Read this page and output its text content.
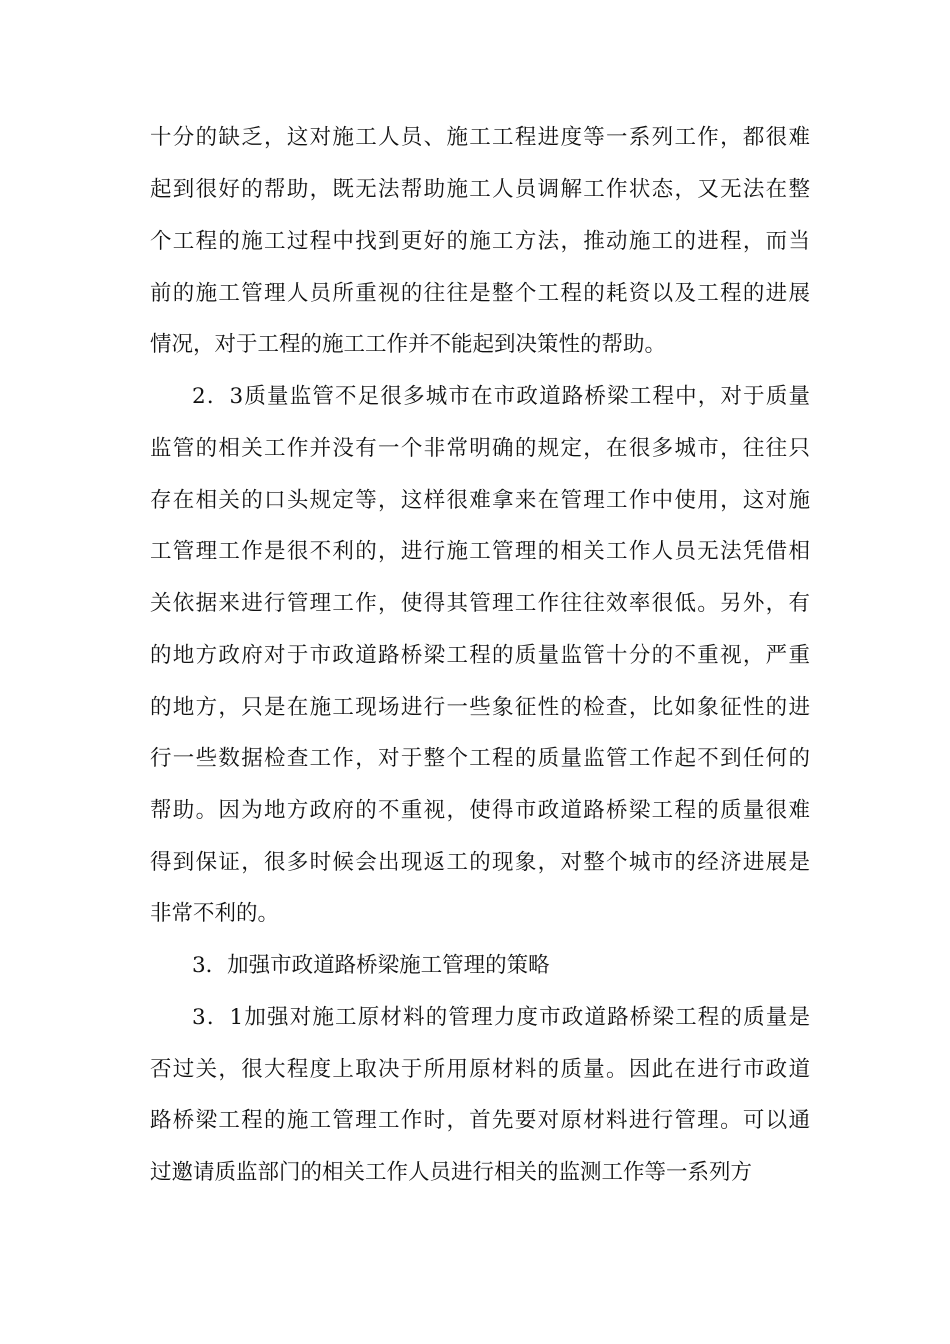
十分的缺乏，这对施工人员、施工工程进度等一系列工作，都很难
起到很好的帮助，既无法帮助施工人员调解工作状态，又无法在整
个工程的施工过程中找到更好的施工方法，推动施工的进程，而当
前的施工管理人员所重视的往往是整个工程的耗资以及工程的进展
情况，对于工程的施工工作并不能起到决策性的帮助。
2．3质量监管不足很多城市在市政道路桥梁工程中，对于质量
监管的相关工作并没有一个非常明确的规定，在很多城市，往往只
存在相关的口头规定等，这样很难拿来在管理工作中使用，这对施
工管理工作是很不利的，进行施工管理的相关工作人员无法凭借相
关依据来进行管理工作，使得其管理工作往往效率很低。另外，有
的地方政府对于市政道路桥梁工程的质量监管十分的不重视，严重
的地方，只是在施工现场进行一些象征性的检查，比如象征性的进
行一些数据检查工作，对于整个工程的质量监管工作起不到任何的
帮助。因为地方政府的不重视，使得市政道路桥梁工程的质量很难
得到保证，很多时候会出现返工的现象，对整个城市的经济进展是
非常不利的。
3．加强市政道路桥梁施工管理的策略
3．1加强对施工原材料的管理力度市政道路桥梁工程的质量是
否过关，很大程度上取决于所用原材料的质量。因此在进行市政道
路桥梁工程的施工管理工作时，首先要对原材料进行管理。可以通
过邀请质监部门的相关工作人员进行相关的监测工作等一系列方
